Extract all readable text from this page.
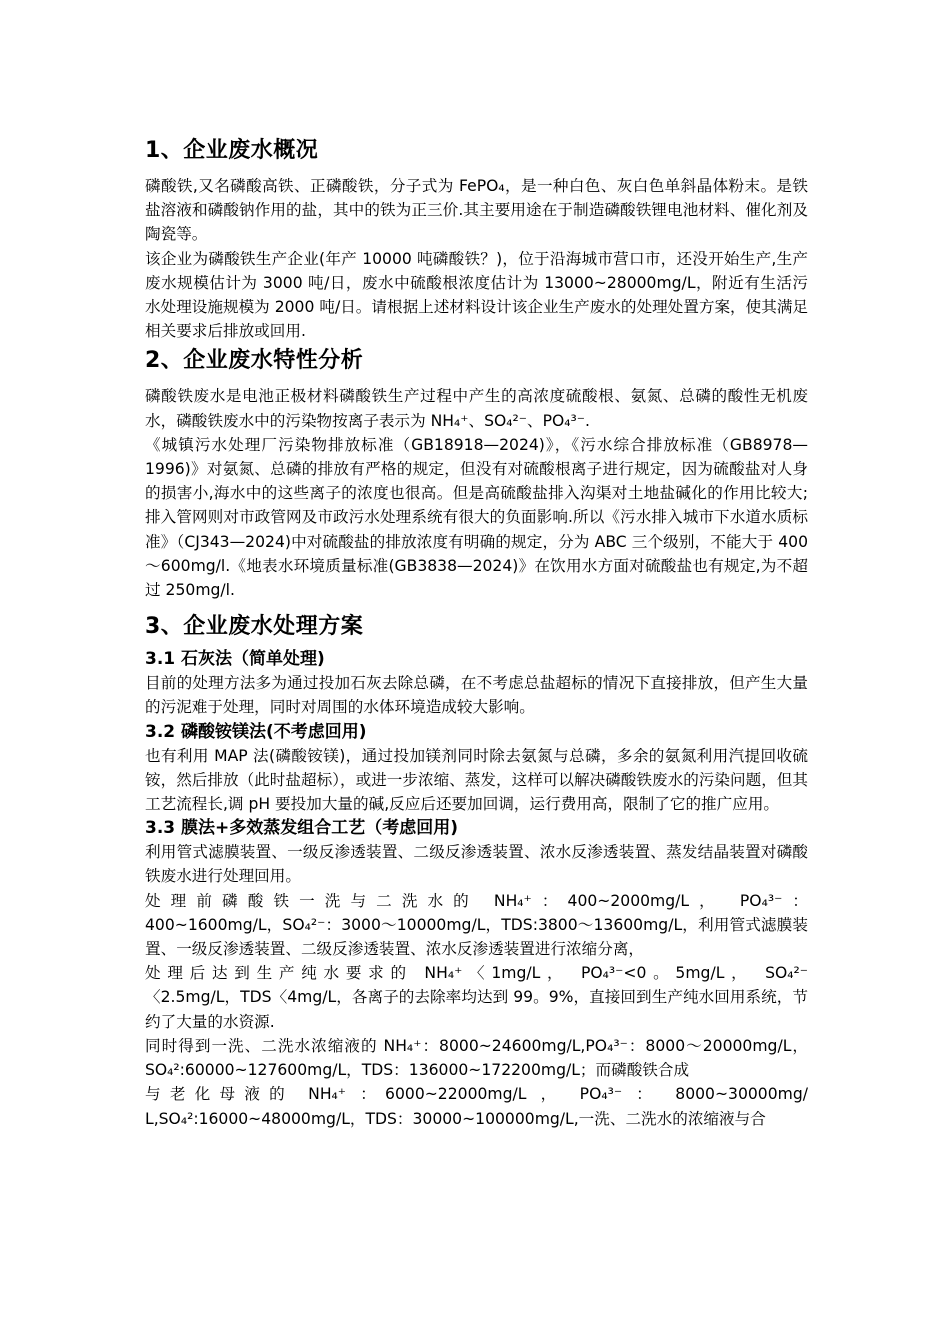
1、企业废水概况

磷酸铁,又名磷酸高铁、正磷酸铁，分子式为 FePO₄，是一种白色、灰白色单斜晶体粉末。是铁盐溶液和磷酸钠作用的盐，其中的铁为正三价.其主要用途在于制造磷酸铁锂电池材料、催化剂及陶瓷等。

该企业为磷酸铁生产企业(年产 10000 吨磷酸铁？)，位于沿海城市营口市，还没开始生产,生产废水规模估计为 3000 吨/日，废水中硫酸根浓度估计为 13000~28000mg/L，附近有生活污水处理设施规模为 2000 吨/日。请根据上述材料设计该企业生产废水的处理处置方案，使其满足相关要求后排放或回用.

2、企业废水特性分析

磷酸铁废水是电池正极材料磷酸铁生产过程中产生的高浓度硫酸根、氨氮、总磷的酸性无机废水，磷酸铁废水中的污染物按离子表示为 NH₄⁺、SO₄²⁻、PO₄³⁻.

《城镇污水处理厂污染物排放标准（GB18918—2024)》，《污水综合排放标准（GB8978—1996)》对氨氮、总磷的排放有严格的规定，但没有对硫酸根离子进行规定，因为硫酸盐对人身的损害小,海水中的这些离子的浓度也很高。但是高硫酸盐排入沟渠对土地盐碱化的作用比较大;排入管网则对市政管网及市政污水处理系统有很大的负面影响.所以《污水排入城市下水道水质标准》（CJ343—2024)中对硫酸盐的排放浓度有明确的规定，分为 ABC 三个级别，不能大于 400～600mg/l.《地表水环境质量标准(GB3838—2024)》在饮用水方面对硫酸盐也有规定,为不超过 250mg/l.

3、企业废水处理方案
3.1 石灰法（简单处理)

目前的处理方法多为通过投加石灰去除总磷，在不考虑总盐超标的情况下直接排放，但产生大量的污泥难于处理，同时对周围的水体环境造成较大影响。

3.2 磷酸铵镁法(不考虑回用)

也有利用 MAP 法(磷酸铵镁)，通过投加镁剂同时除去氨氮与总磷，多余的氨氮利用汽提回收硫铵，然后排放（此时盐超标），或进一步浓缩、蒸发，这样可以解决磷酸铁废水的污染问题，但其工艺流程长,调 pH 要投加大量的碱,反应后还要加回调，运行费用高，限制了它的推广应用。

3.3 膜法+多效蒸发组合工艺（考虑回用)

利用管式滤膜装置、一级反渗透装置、二级反渗透装置、浓水反渗透装置、蒸发结晶装置对磷酸铁废水进行处理回用。

处理前磷酸铁一洗与二洗水的 NH₄⁺：400~2000mg/L， PO₄³⁻：

400~1600mg/L，SO₄²⁻：3000～10000mg/L，TDS:3800～13600mg/L，利用管式滤膜装置、一级反渗透装置、二级反渗透装置、浓水反渗透装置进行浓缩分离，

处理后达到生产纯水要求的 NH₄⁺〈1mg/L， PO₄³⁻<0。5mg/L， SO₄²⁻

〈2.5mg/L，TDS〈4mg/L，各离子的去除率均达到 99。9%，直接回到生产纯水回用系统，节约了大量的水资源.

同时得到一洗、二洗水浓缩液的 NH₄⁺：8000~24600mg/L,PO₄³⁻：8000～20000mg/L，SO₄²:60000~127600mg/L，TDS：136000~172200mg/L；而磷酸铁合成

与老化母液的 NH₄⁺ ：6000~22000mg/L ， PO₄³⁻ ： 8000~30000mg/

L,SO₄²:16000~48000mg/L，TDS：30000~100000mg/L,一洗、二洗水的浓缩液与合
